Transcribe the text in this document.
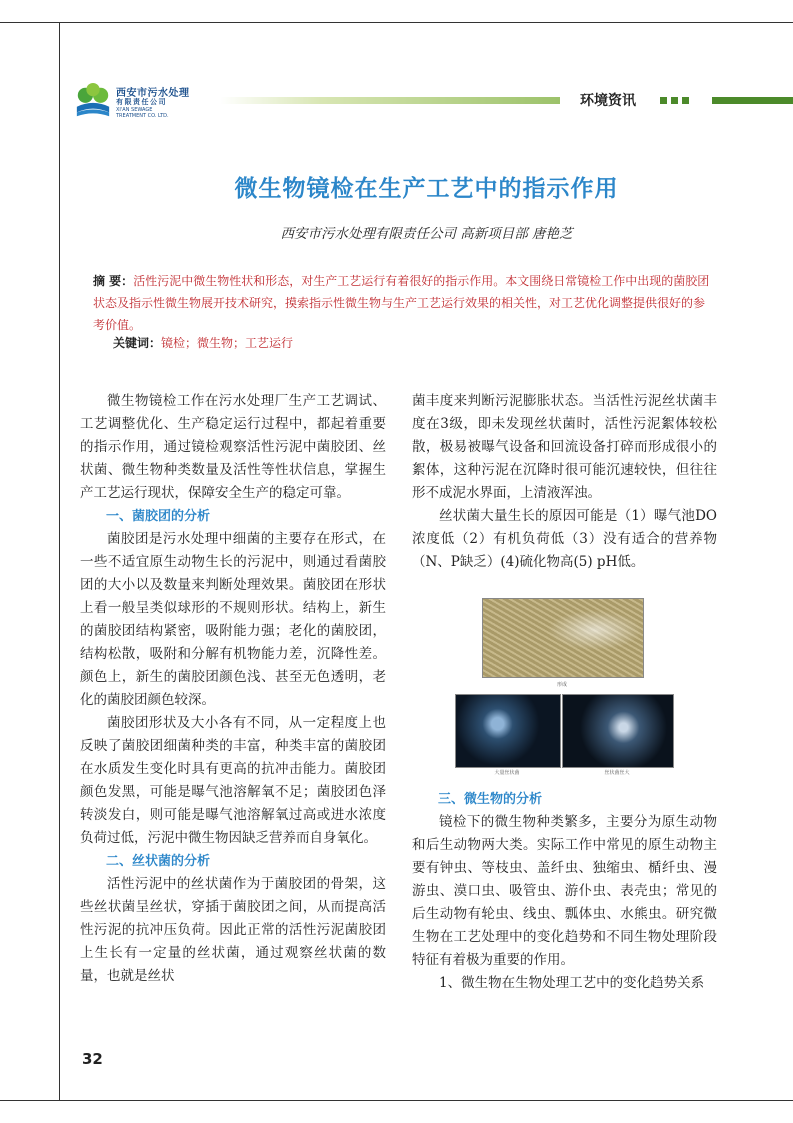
西安市污水处理
有限责任公司
XI'AN SEWAGE
TREATMENT CO. LTD.
环境资讯
微生物镜检在生产工艺中的指示作用
西安市污水处理有限责任公司 高新项目部 唐艳芝
摘 要：活性污泥中微生物性状和形态，对生产工艺运行有着很好的指示作用。本文围绕日常镜检工作中出现的菌胶团状态及指示性微生物展开技术研究，摸索指示性微生物与生产工艺运行效果的相关性，对工艺优化调整提供很好的参考价值。
关键词：镜检；微生物；工艺运行

微生物镜检工作在污水处理厂生产工艺调试、工艺调整优化、生产稳定运行过程中，都起着重要的指示作用，通过镜检观察活性污泥中菌胶团、丝状菌、微生物种类数量及活性等性状信息，掌握生产工艺运行现状，保障安全生产的稳定可靠。

一、菌胶团的分析

菌胶团是污水处理中细菌的主要存在形式，在一些不适宜原生动物生长的污泥中，则通过看菌胶团的大小以及数量来判断处理效果。菌胶团在形状上看一般呈类似球形的不规则形状。结构上，新生的菌胶团结构紧密，吸附能力强；老化的菌胶团，结构松散，吸附和分解有机物能力差，沉降性差。颜色上，新生的菌胶团颜色浅、甚至无色透明，老化的菌胶团颜色较深。

菌胶团形状及大小各有不同，从一定程度上也反映了菌胶团细菌种类的丰富，种类丰富的菌胶团在水质发生变化时具有更高的抗冲击能力。菌胶团颜色发黑，可能是曝气池溶解氧不足；菌胶团色泽转淡发白，则可能是曝气池溶解氧过高或进水浓度负荷过低，污泥中微生物因缺乏营养而自身氧化。

二、丝状菌的分析

活性污泥中的丝状菌作为于菌胶团的骨架，这些丝状菌呈丝状，穿插于菌胶团之间，从而提高活性污泥的抗冲压负荷。因此正常的活性污泥菌胶团上生长有一定量的丝状菌，通过观察丝状菌的数量，也就是丝状

菌丰度来判断污泥膨胀状态。当活性污泥丝状菌丰度在3级，即未发现丝状菌时，活性污泥絮体较松散，极易被曝气设备和回流设备打碎而形成很小的絮体，这种污泥在沉降时很可能沉速较快，但往往形不成泥水界面，上清液浑浊。

丝状菌大量生长的原因可能是（1）曝气池DO浓度低（2）有机负荷低（3）没有适合的营养物（N、P缺乏）(4)硫化物高(5) pH低。

形成
大量丝状菌	丝状菌丝大
三、微生物的分析

镜检下的微生物种类繁多，主要分为原生动物和后生动物两大类。实际工作中常见的原生动物主要有钟虫、等枝虫、盖纤虫、独缩虫、楯纤虫、漫游虫、漠口虫、吸管虫、游仆虫、表壳虫；常见的后生动物有轮虫、线虫、瓢体虫、水熊虫。研究微生物在工艺处理中的变化趋势和不同生物处理阶段特征有着极为重要的作用。

1、微生物在生物处理工艺中的变化趋势关系

32
